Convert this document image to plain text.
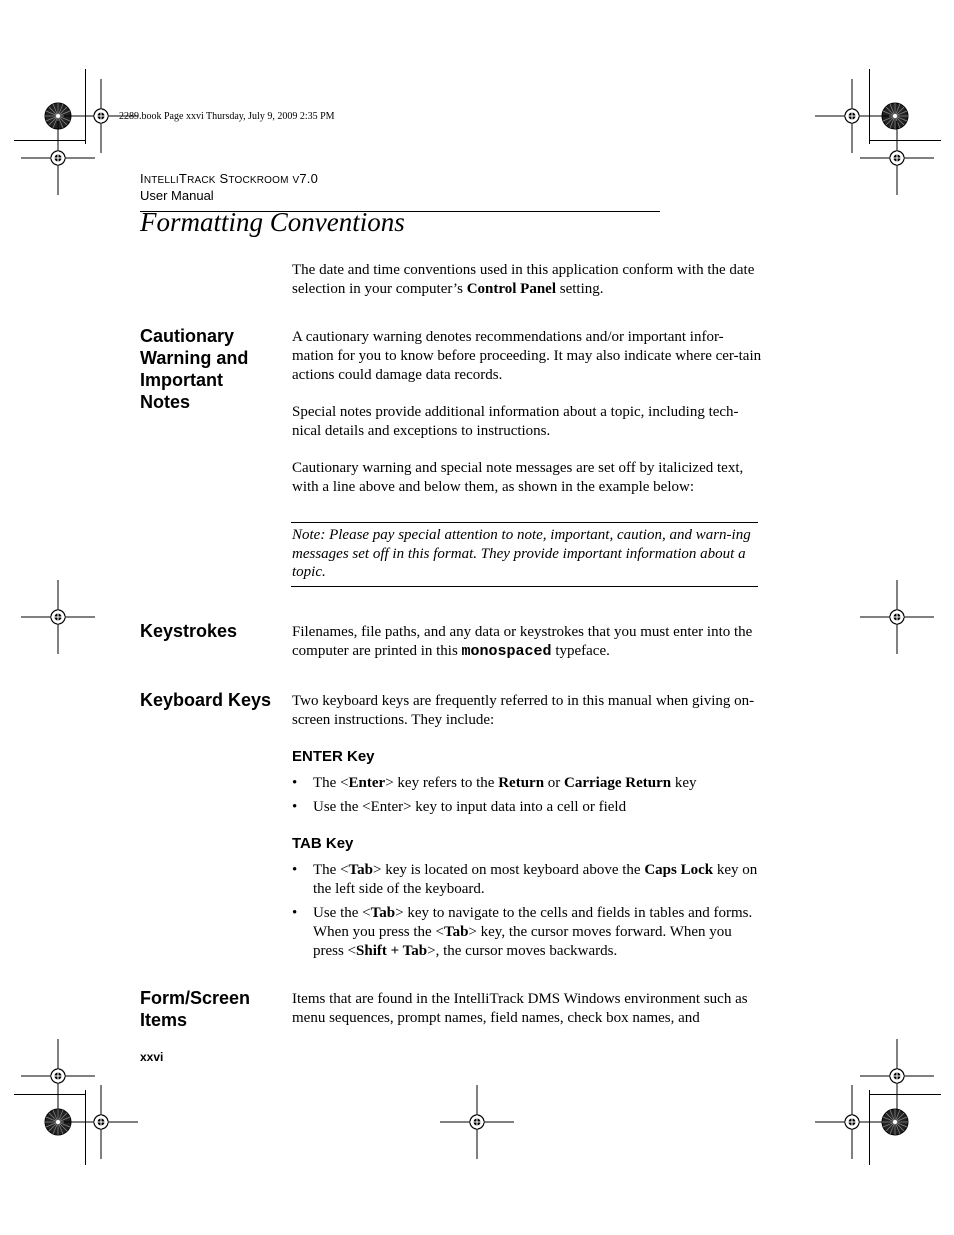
2289.book Page xxvi Thursday, July 9, 2009 2:35 PM
INTELLITRACK STOCKROOM V7.0
User Manual
Formatting Conventions
The date and time conventions used in this application conform with the date selection in your computer’s Control Panel setting.
Cautionary Warning and Important Notes
A cautionary warning denotes recommendations and/or important infor-mation for you to know before proceeding. It may also indicate where cer-tain actions could damage data records.
Special notes provide additional information about a topic, including tech-nical details and exceptions to instructions.
Cautionary warning and special note messages are set off by italicized text, with a line above and below them, as shown in the example below:
Note: Please pay special attention to note, important, caution, and warn-ing messages set off in this format. They provide important information about a topic.
Keystrokes	Filenames, file paths, and any data or keystrokes that you must enter into the computer are printed in this monospaced typeface.
Keyboard Keys Two keyboard keys are frequently referred to in this manual when giving on-screen instructions. They include:
ENTER Key
• The <Enter> key refers to the Return or Carriage Return key
• Use the <Enter> key to input data into a cell or field
TAB Key
• The <Tab> key is located on most keyboard above the Caps Lock key on the left side of the keyboard.
• Use the <Tab> key to navigate to the cells and fields in tables and forms. When you press the <Tab> key, the cursor moves forward. When you press <Shift + Tab>, the cursor moves backwards.
Form/Screen Items
Items that are found in the IntelliTrack DMS Windows environment such as menu sequences, prompt names, field names, check box names, and
xxvi
